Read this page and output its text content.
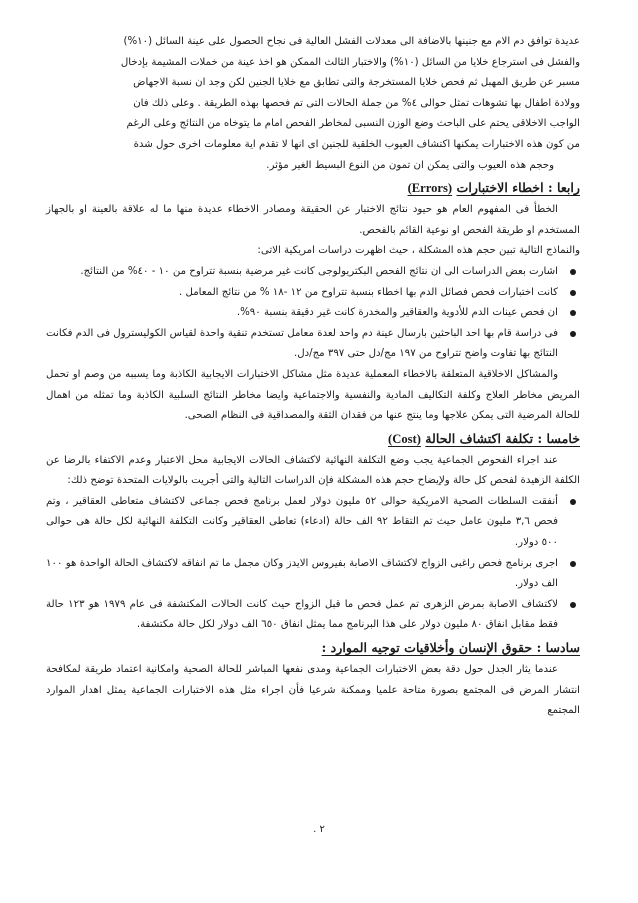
عديدة توافق دم الام مع جنينها بالاضافة الى معدلات الفشل العالية فى نجاح الحصول على عينة السائل (١٠%)

والفشل فى استرجاع خلايا من السائل (١٠%) والاختبار الثالث الممكن هو اخذ عينة من خملات المشيمة بإدخال

مسبر عن طريق المهبل ثم فحص خلايا المستخرجة والتى تطابق مع خلايا الجنين لكن وجد ان نسبة الاجهاض

وولادة اطفال بها تشوهات تمثل حوالى ٤% من جملة الحالات التى تم فحصها بهذه الطريقة . وعلى ذلك فان

الواجب الاخلاقى يحتم على الباحث وضع الوزن النسبى لمخاطر الفحص امام ما يتوخاه من النتائج وعلى الرغم

من كون هذه الاختبارات يمكنها اكتشاف العيوب الخلقية للجنين اى انها لا تقدم اية معلومات اخرى حول شدة

وحجم هذه العيوب والتى يمكن ان تمون من النوع البسيط الغير مؤثر.

رابعا : اخطاء الاختبارات (Errors)

الخطأ فى المفهوم العام هو حيود نتائج الاختبار عن الحقيقة ومصادر الاخطاء عديدة منها ما له علاقة بالعينة او بالجهاز المستخدم او طريقة الفحص او نوعية القائم بالفحص.

والنماذج التالية تبين حجم هذه المشكلة ، حيث اظهرت دراسات امريكية الاتى:

اشارت بعض الدراسات الى ان نتائج الفحص البكتريولوجى كانت غير مرضية بنسبة تتراوح من ١٠ - ٤٠% من النتائج.
كانت اختبارات فحص فصائل الدم بها اخطاء بنسبة تتراوح من ١٢ -١٨ % من نتائج المعامل .
ان فحص عينات الدم للأدوية والعقاقير والمخدرة كانت غير دقيقة بنسبة ٩٠%.
فى دراسة قام بها احد الباحثين بارسال عينة دم واحد لعدة معامل تستخدم تنقية واحدة لقياس الكوليسترول فى الدم فكانت النتائج بها تفاوت واضح تتراوح من ١٩٧ مج/دل حتى ٣٩٧ مج/دل.

والمشاكل الاخلاقية المتعلقة بالاخطاء المعملية عديدة مثل مشاكل الاختبارات الايجابية الكاذبة وما يسببه من وصم او تحمل المريض مخاطر العلاج وكلفة التكاليف المادية والنفسية والاجتماعية وايضا مخاطر النتائج السلبية الكاذبة وما تمثله من اهمال للحالة المرضية التى يمكن علاجها وما ينتج عنها من فقدان الثقة والمصداقية فى النظام الصحى.

خامسا : تكلفة اكتشاف الحالة (Cost)

عند اجراء الفحوص الجماعية يجب وضع التكلفة النهائية لاكتشاف الحالات الايجابية محل الاعتبار وعدم الاكتفاء بالرضا عن الكلفة الزهيدة لفحص كل حالة ولإيضاح حجم هذه المشكلة فإن الدراسات التالية والتى أجريت بالولايات المتحدة توضح ذلك:

أنفقت السلطات الصحية الامريكية حوالى ٥٢ مليون دولار لعمل برنامج فحص جماعى لاكتشاف متعاطى العقاقير ، وتم فحص ٣,٦ مليون عامل حيث تم التقاط ٩٢ الف حالة (ادعاء) تعاطى العقاقير وكانت التكلفة النهائية لكل حالة هى حوالى ٥٠٠ دولار.
اجرى برنامج فحص راغبى الزواج لاكتشاف الاصابة بفيروس الايدز وكان مجمل ما تم انفاقه لاكتشاف الحالة الواحدة هو ١٠٠ الف دولار.
لاكتشاف الاصابة بمرض الزهرى تم عمل فحص ما قبل الزواج حيث كانت الحالات المكتشفة فى عام ١٩٧٩ هو ١٢٣ حالة فقط مقابل انفاق ٨٠ مليون دولار على هذا البرنامج مما يمثل انفاق ٦٥٠ الف دولار لكل حالة مكتشفة.
سادسا : حقوق الإنسان وأخلاقيات توجيه الموارد :

عندما يثار الجدل حول دقة بعض الاختبارات الجماعية ومدى نفعها المباشر للحالة الصحية وامكانية اعتماد طريقة لمكافحة انتشار المرض فى المجتمع بصورة متاحة علميا وممكنة شرعيا فأن اجراء مثل هذه الاختبارات الجماعية يمثل اهدار الموارد المجتمع

. ٢
